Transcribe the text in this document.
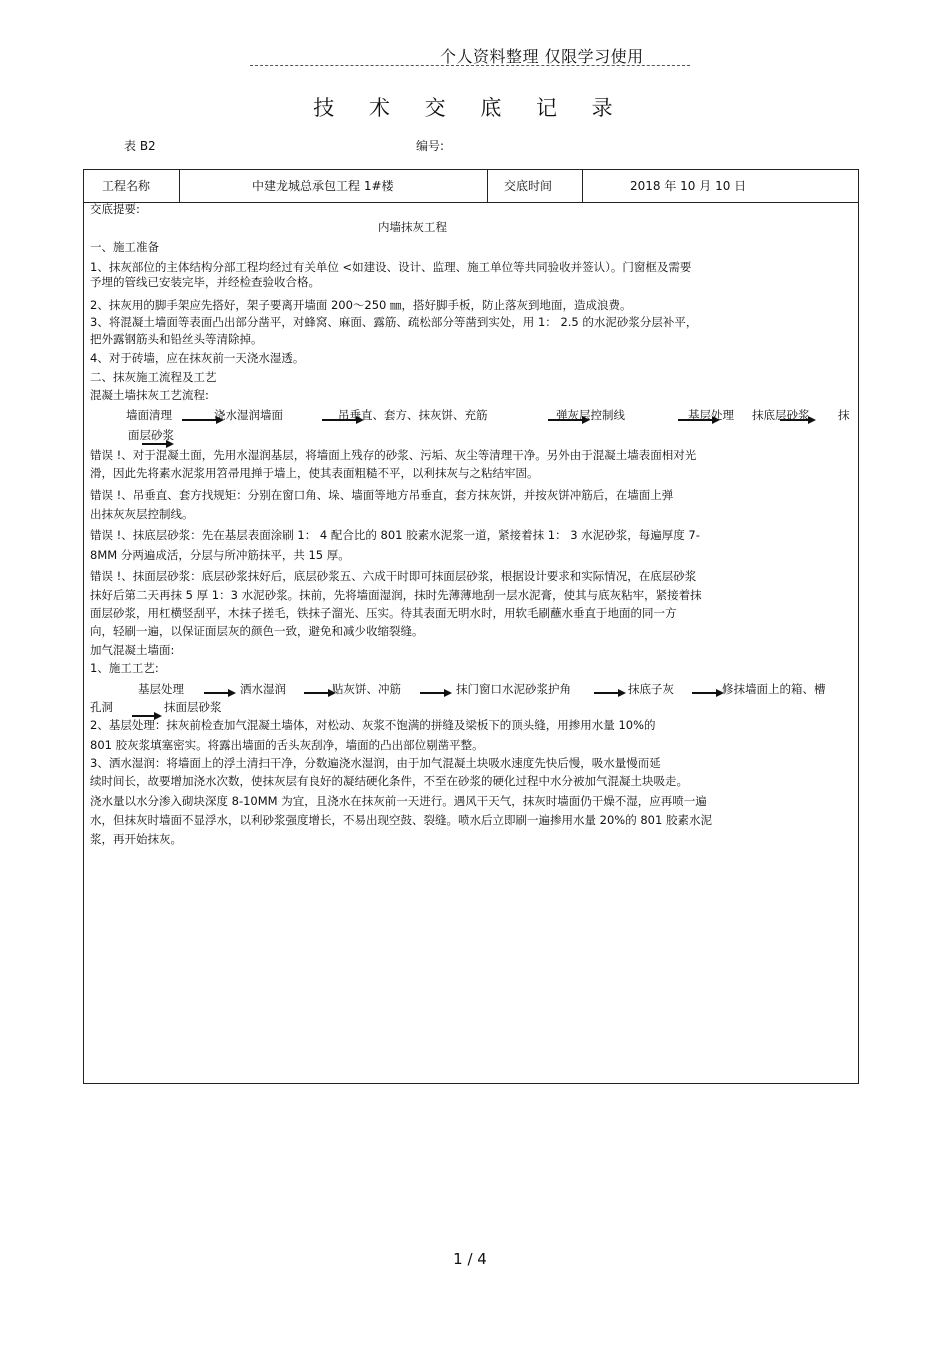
个人资料整理 仅限学习使用
技 术 交 底 记 录
表 B2	编号:
工程名称	中建龙城总承包工程 1#楼	交底时间	2018 年 10 月 10 日
交底提要:
内墙抹灰工程
一、施工准备
1、抹灰部位的主体结构分部工程均经过有关单位 <如建设、设计、监理、施工单位等共同验收并签认）。门窗框及需要
予埋的管线已安装完毕，并经检查验收合格。
2、抹灰用的脚手架应先搭好，架子要离开墙面 200～250 ㎜，搭好脚手板，防止落灰到地面，造成浪费。
3、将混凝土墙面等表面凸出部分凿平，对蜂窝、麻面、露筋、疏松部分等凿到实处，用 1： 2.5 的水泥砂浆分层补平，
把外露钢筋头和铅丝头等清除掉。
4、对于砖墙，应在抹灰前一天浇水湿透。
二、抹灰施工流程及工艺
混凝土墙抹灰工艺流程:
墙面清理	浇水湿润墙面	吊垂直、套方、抹灰饼、充筋	弹灰层控制线	基层处理 抹底层砂浆 抹
面层砂浆
错误 !、对于混凝土面，先用水湿润基层，将墙面上残存的砂浆、污垢、灰尘等清理干净。另外由于混凝土墙表面相对光
滑，因此先将素水泥浆用笤帚甩掸于墙上，使其表面粗糙不平，以利抹灰与之粘结牢固。
错误 !、吊垂直、套方找规矩：分别在窗口角、垛、墙面等地方吊垂直，套方抹灰饼，并按灰饼冲筋后，在墙面上弹
出抹灰灰层控制线。
错误 !、抹底层砂浆：先在基层表面涂刷 1： 4 配合比的 801 胶素水泥浆一道，紧接着抹 1： 3 水泥砂浆，每遍厚度 7-
8MM 分两遍成活，分层与所冲筋抹平，共 15 厚。
错误 !、抹面层砂浆：底层砂浆抹好后，底层砂浆五、六成干时即可抹面层砂浆，根据设计要求和实际情况，在底层砂浆
抹好后第二天再抹 5 厚 1：3 水泥砂浆。抹前，先将墙面湿润，抹时先薄薄地刮一层水泥膏，使其与底灰粘牢，紧接着抹
面层砂浆，用杠横竖刮平，木抹子搓毛，铁抹子溜光、压实。待其表面无明水时，用软毛刷蘸水垂直于地面的同一方
向，轻刷一遍，以保证面层灰的颜色一致，避免和减少收缩裂缝。
加气混凝土墙面:
1、施工工艺:
基层处理	洒水湿润	贴灰饼、冲筋	抹门窗口水泥砂浆护角	抹底子灰	修抹墙面上的箱、槽
孔洞	抹面层砂浆
2、基层处理：抹灰前检查加气混凝土墙体，对松动、灰浆不饱满的拼缝及梁板下的顶头缝，用掺用水量 10%的
801 胶灰浆填塞密实。将露出墙面的舌头灰刮净，墙面的凸出部位剔凿平整。
3、洒水湿润：将墙面上的浮土清扫干净，分数遍浇水湿润，由于加气混凝土块吸水速度先快后慢，吸水量慢而延
续时间长，故要增加浇水次数，使抹灰层有良好的凝结硬化条件，不至在砂浆的硬化过程中水分被加气混凝土块吸走。
浇水量以水分渗入砌块深度 8-10MM 为宜，且浇水在抹灰前一天进行。遇风干天气，抹灰时墙面仍干燥不湿，应再喷一遍
水，但抹灰时墙面不显浮水，以利砂浆强度增长，不易出现空鼓、裂缝。喷水后立即刷一遍掺用水量 20%的 801 胶素水泥
浆，再开始抹灰。
1 / 4
